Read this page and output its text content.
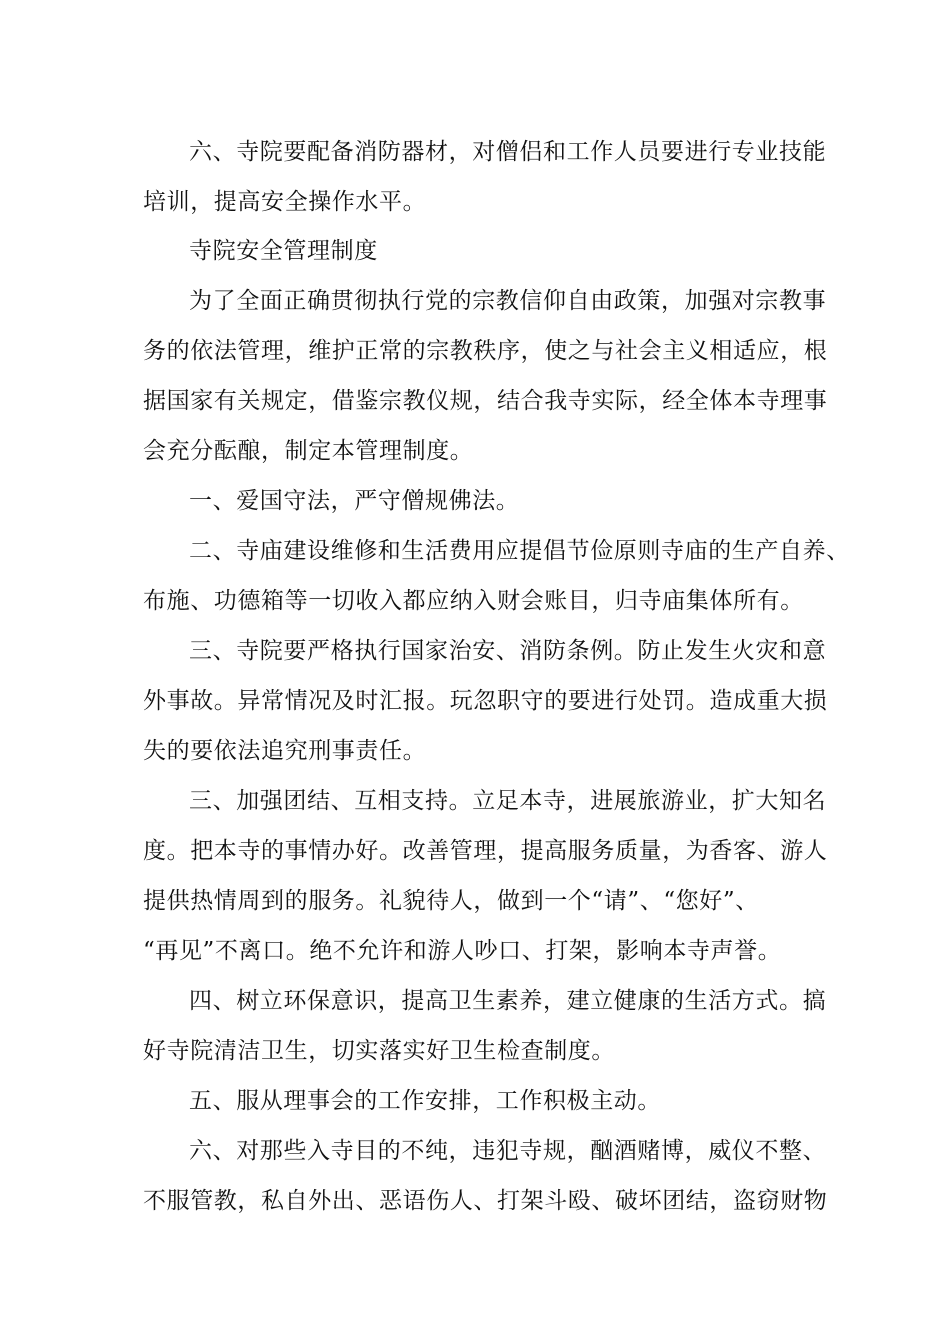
六、寺院要配备消防器材，对僧侣和工作人员要进行专业技能
培训，提高安全操作水平。
寺院安全管理制度
为了全面正确贯彻执行党的宗教信仰自由政策，加强对宗教事
务的依法管理，维护正常的宗教秩序，使之与社会主义相适应，根
据国家有关规定，借鉴宗教仪规，结合我寺实际，经全体本寺理事
会充分酝酿，制定本管理制度。
一、爱国守法，严守僧规佛法。
二、寺庙建设维修和生活费用应提倡节俭原则寺庙的生产自养、
布施、功德箱等一切收入都应纳入财会账目，归寺庙集体所有。
三、寺院要严格执行国家治安、消防条例。防止发生火灾和意
外事故。异常情况及时汇报。玩忽职守的要进行处罚。造成重大损
失的要依法追究刑事责任。
三、加强团结、互相支持。立足本寺，进展旅游业，扩大知名
度。把本寺的事情办好。改善管理，提高服务质量，为香客、游人
提供热情周到的服务。礼貌待人，做到一个“请”、“您好”、
“再见”不离口。绝不允许和游人吵口、打架，影响本寺声誉。
四、树立环保意识，提高卫生素养，建立健康的生活方式。搞
好寺院清洁卫生，切实落实好卫生检查制度。
五、服从理事会的工作安排，工作积极主动。
六、对那些入寺目的不纯，违犯寺规，酗酒赌博，威仪不整、
不服管教，私自外出、恶语伤人、打架斗殴、破坏团结，盗窃财物
